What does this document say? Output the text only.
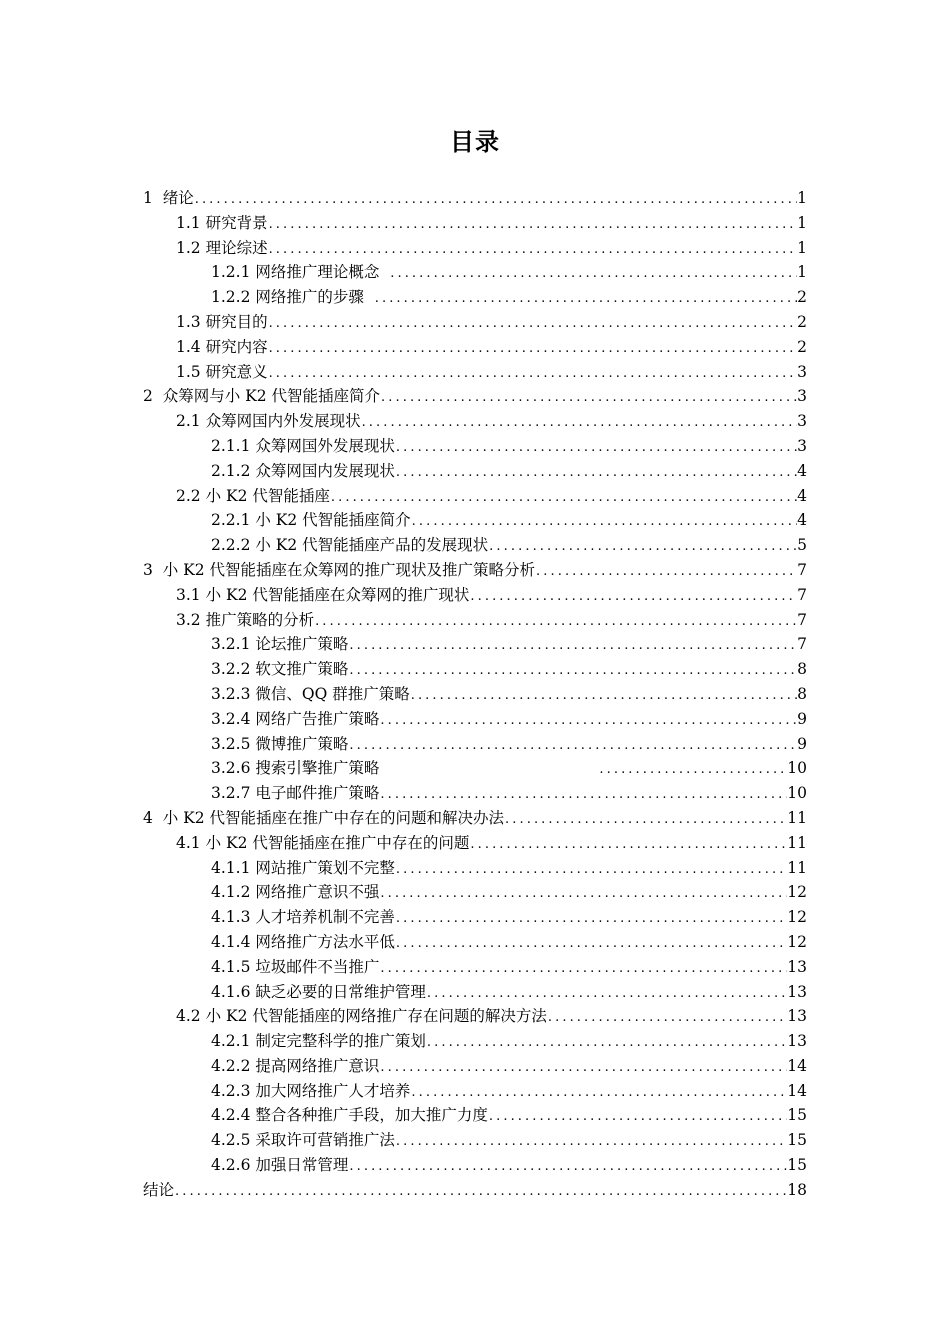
目录
1  绪论 .....	1
1.1 研究背景 .....	1
1.2 理论综述 .....	1
1.2.1 网络推广理论概念 .....	1
1.2.2 网络推广的步骤 .....	2
1.3 研究目的 .....	2
1.4 研究内容 .....	2
1.5 研究意义 .....	3
2  众筹网与小 K2 代智能插座简介 .....	3
2.1 众筹网国内外发展现状 .....	3
2.1.1 众筹网国外发展现状 .....	3
2.1.2 众筹网国内发展现状 .....	4
2.2 小 K2 代智能插座 .....	4
2.2.1 小 K2 代智能插座简介 .....	4
2.2.2 小 K2 代智能插座产品的发展现状 .....	5
3  小 K2 代智能插座在众筹网的推广现状及推广策略分析 .....	7
3.1 小 K2 代智能插座在众筹网的推广现状 .....	7
3.2 推广策略的分析 .....	7
3.2.1 论坛推广策略 .....	7
3.2.2 软文推广策略 .....	8
3.2.3 微信、QQ 群推广策略 .....	8
3.2.4 网络广告推广策略 .....	9
3.2.5 微博推广策略 .....	9
3.2.6 搜索引擎推广策略 .....	10
3.2.7 电子邮件推广策略 .....	10
4  小 K2 代智能插座在推广中存在的问题和解决办法 .....	11
4.1 小 K2 代智能插座在推广中存在的问题 .....	11
4.1.1 网站推广策划不完整 .....	11
4.1.2 网络推广意识不强 .....	12
4.1.3 人才培养机制不完善 .....	12
4.1.4 网络推广方法水平低 .....	12
4.1.5 垃圾邮件不当推广 .....	13
4.1.6 缺乏必要的日常维护管理 .....	13
4.2 小 K2 代智能插座的网络推广存在问题的解决方法 .....	13
4.2.1 制定完整科学的推广策划 .....	13
4.2.2 提高网络推广意识 .....	14
4.2.3 加大网络推广人才培养 .....	14
4.2.4 整合各种推广手段，加大推广力度 .....	15
4.2.5 采取许可营销推广法 .....	15
4.2.6 加强日常管理 .....	15
结论 .....	18
